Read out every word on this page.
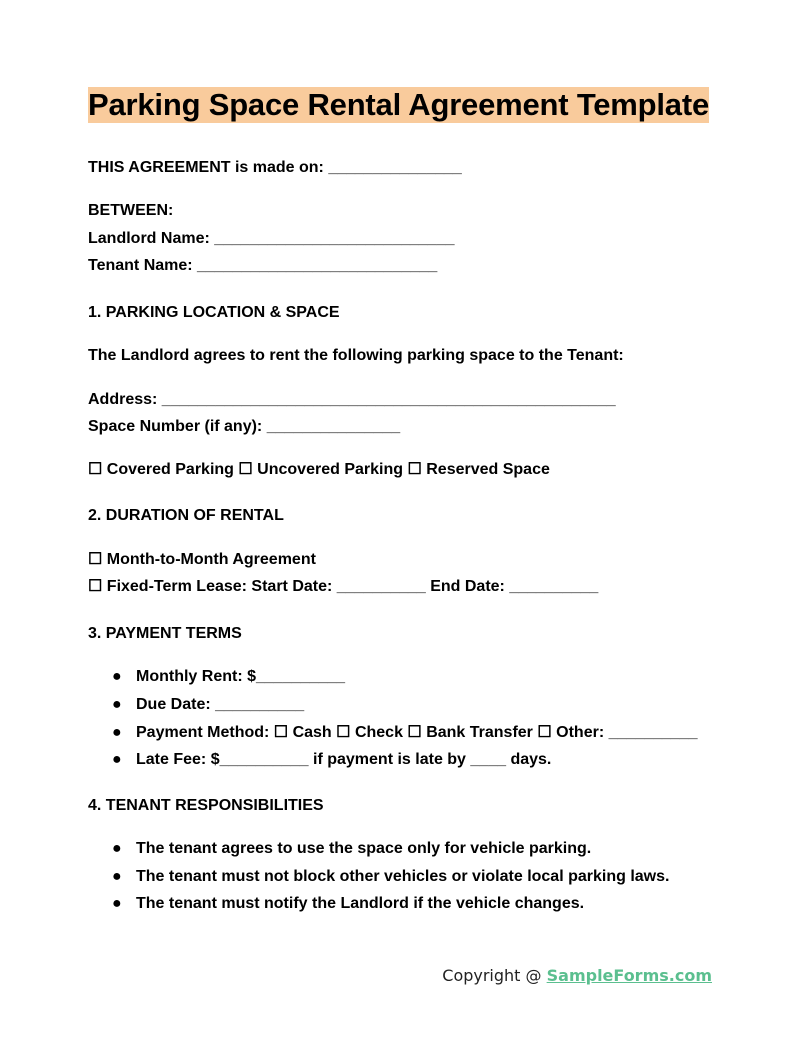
Parking Space Rental Agreement Template
THIS AGREEMENT is made on: _______________
BETWEEN:
Landlord Name: ___________________________
Tenant Name: ___________________________
1. PARKING LOCATION & SPACE
The Landlord agrees to rent the following parking space to the Tenant:
Address: ___________________________________________________
Space Number (if any): _______________
☐ Covered Parking ☐ Uncovered Parking ☐ Reserved Space
2. DURATION OF RENTAL
☐ Month-to-Month Agreement
☐ Fixed-Term Lease: Start Date: __________ End Date: __________
3. PAYMENT TERMS
● Monthly Rent: $__________
● Due Date: __________
● Payment Method: ☐ Cash ☐ Check ☐ Bank Transfer ☐ Other: __________
● Late Fee: $__________ if payment is late by ____ days.
4. TENANT RESPONSIBILITIES
● The tenant agrees to use the space only for vehicle parking.
● The tenant must not block other vehicles or violate local parking laws.
● The tenant must notify the Landlord if the vehicle changes.
Copyright @ SampleForms.com
